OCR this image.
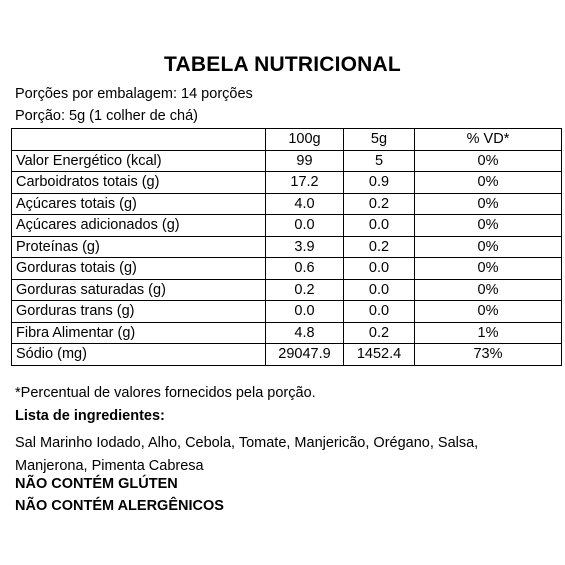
TABELA NUTRICIONAL
Porções por embalagem: 14 porções
Porção: 5g (1 colher de chá)
	100g	5g	% VD*
Valor Energético (kcal)	99	5	0%
Carboidratos totais (g)	17.2	0.9	0%
Açúcares totais (g)	4.0	0.2	0%
Açúcares adicionados (g)	0.0	0.0	0%
Proteínas (g)	3.9	0.2	0%
Gorduras totais (g)	0.6	0.0	0%
Gorduras saturadas (g)	0.2	0.0	0%
Gorduras trans (g)	0.0	0.0	0%
Fibra Alimentar (g)	4.8	0.2	1%
Sódio (mg)	29047.9	1452.4	73%
*Percentual de valores fornecidos pela porção.
Lista de ingredientes:
Sal Marinho Iodado, Alho, Cebola, Tomate, Manjericão, Orégano, Salsa, Manjerona, Pimenta Cabresa
NÃO CONTÉM GLÚTEN
NÃO CONTÉM ALERGÊNICOS
